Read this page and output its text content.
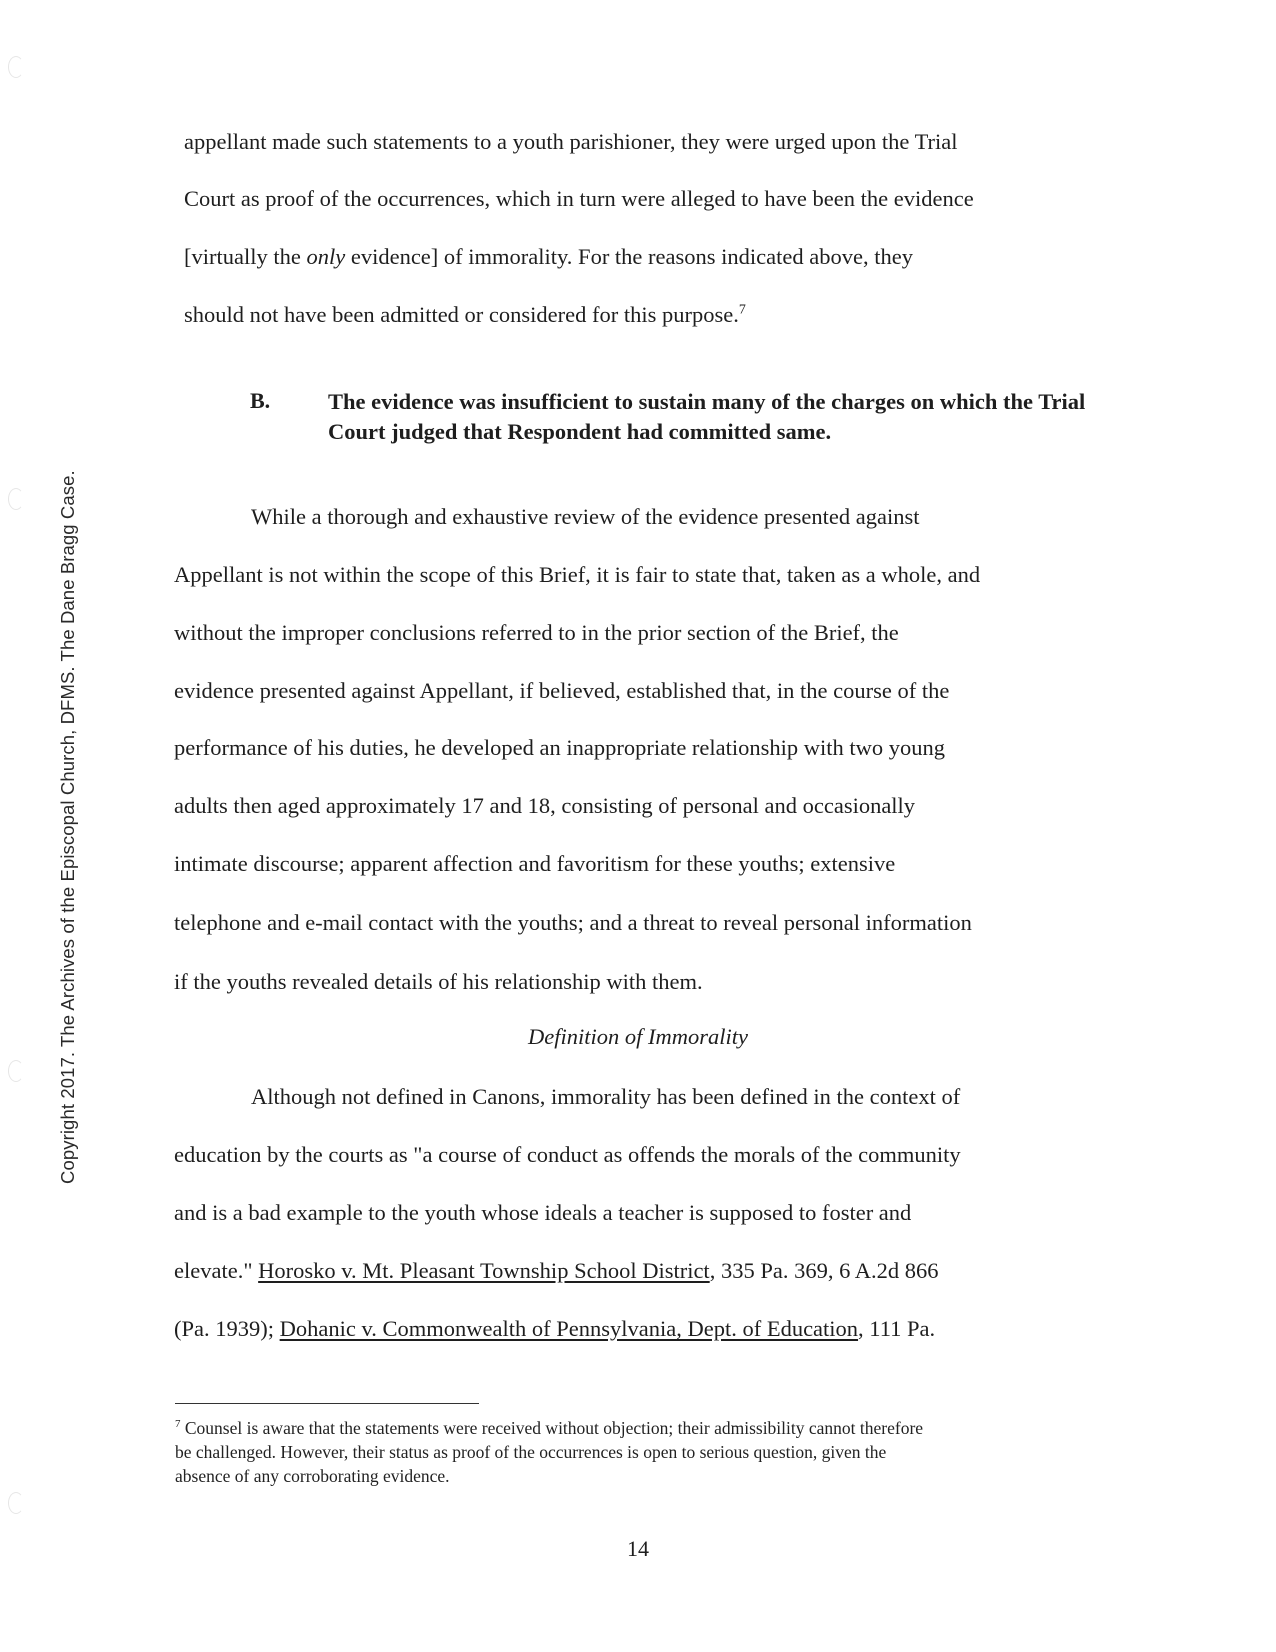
Copyright 2017. The Archives of the Episcopal Church, DFMS. The Dane Bragg Case.

appellant made such statements to a youth parishioner, they were urged upon the Trial

Court as proof of the occurrences, which in turn were alleged to have been the evidence

[virtually the only evidence] of immorality. For the reasons indicated above, they

should not have been admitted or considered for this purpose.$^7$

B.	The evidence was insufficient to sustain many of the charges on which the Trial Court judged that Respondent had committed same.

While a thorough and exhaustive review of the evidence presented against

Appellant is not within the scope of this Brief, it is fair to state that, taken as a whole, and

without the improper conclusions referred to in the prior section of the Brief, the

evidence presented against Appellant, if believed, established that, in the course of the

performance of his duties, he developed an inappropriate relationship with two young

adults then aged approximately 17 and 18, consisting of personal and occasionally

intimate discourse; apparent affection and favoritism for these youths; extensive

telephone and e-mail contact with the youths; and a threat to reveal personal information

if the youths revealed details of his relationship with them.

Definition of Immorality

Although not defined in Canons, immorality has been defined in the context of

education by the courts as "a course of conduct as offends the morals of the community

and is a bad example to the youth whose ideals a teacher is supposed to foster and

elevate." Horosko v. Mt. Pleasant Township School District, 335 Pa. 369, 6 A.2d 866

(Pa. 1939); Dohanic v. Commonwealth of Pennsylvania, Dept. of Education, 111 Pa.

$^7$ Counsel is aware that the statements were received without objection; their admissibility cannot therefore

be challenged. However, their status as proof of the occurrences is open to serious question, given the

absence of any corroborating evidence.

14
